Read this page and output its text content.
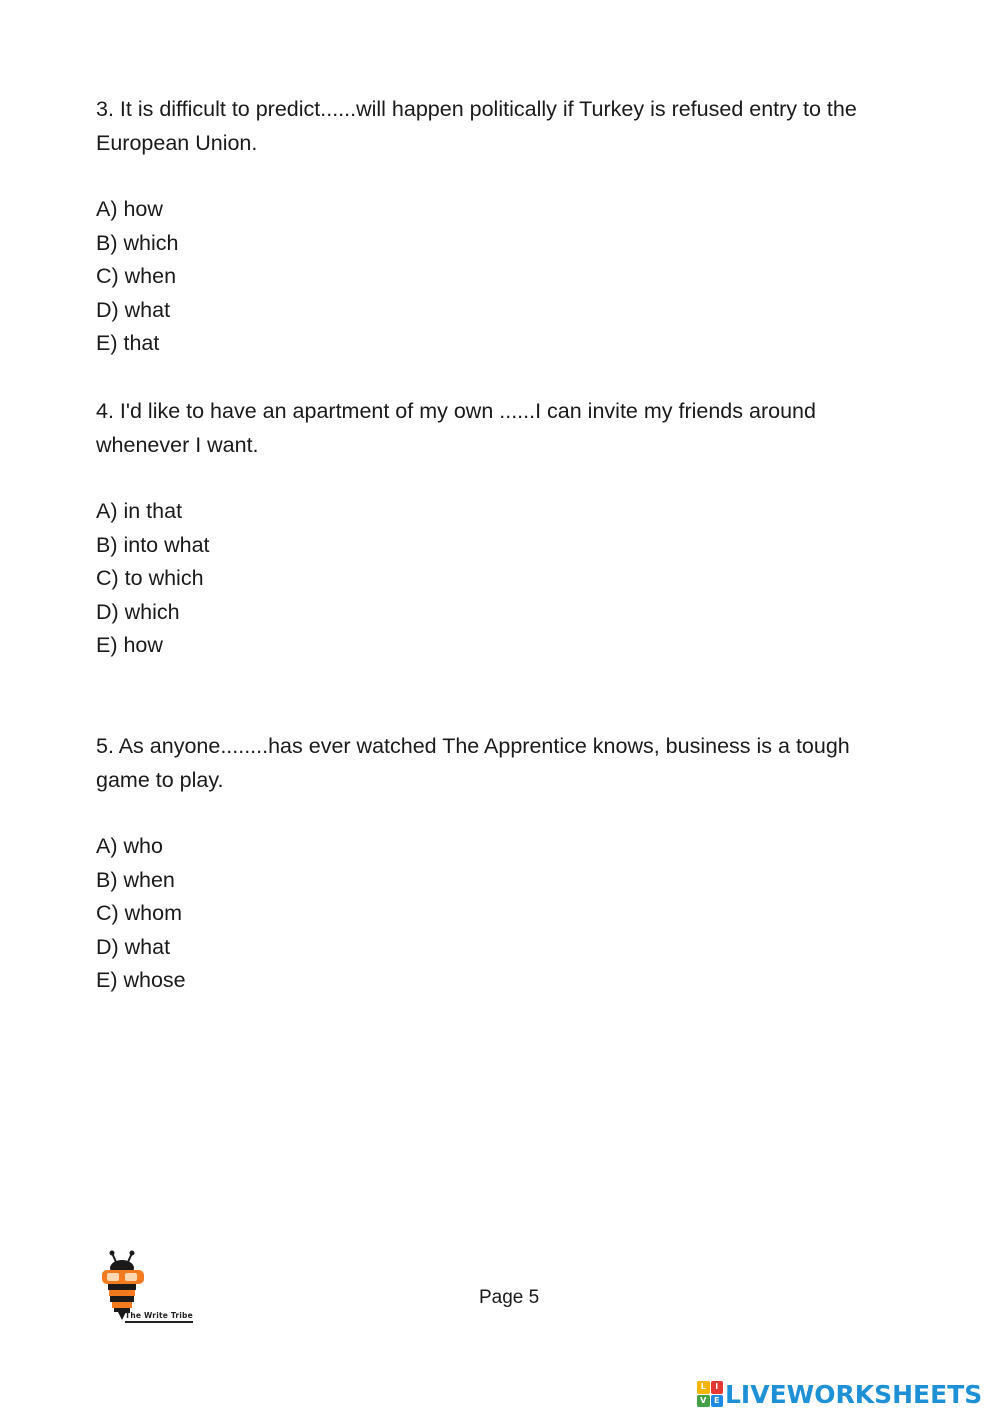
3. It is difficult to predict......will happen politically if Turkey is refused entry to the European Union.

A) how
B) which
C) when
D) what
E) that

4. I'd like to have an apartment of my own ......I can invite my friends around whenever I want.

A) in that
B) into what
C) to which
D) which
E) how

5. As anyone........has ever watched The Apprentice knows, business is a tough game to play.

A) who
B) when
C) whom
D) what
E) whose
The Write Tribe
Page 5
L	I
V E LIVEWORKSHEETS
